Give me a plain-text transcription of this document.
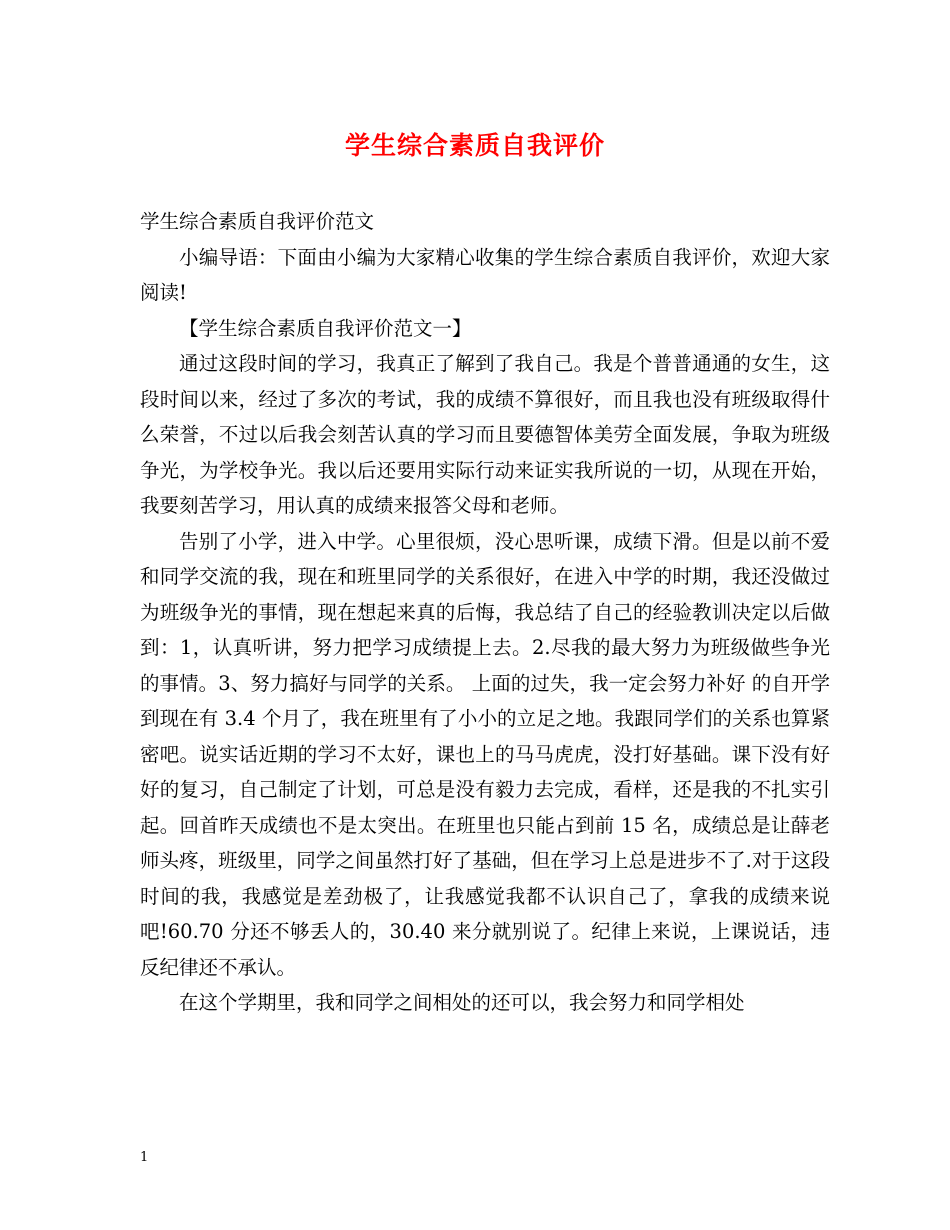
学生综合素质自我评价

学生综合素质自我评价范文

小编导语：下面由小编为大家精心收集的学生综合素质自我评价，欢迎大家阅读!

【学生综合素质自我评价范文一】

通过这段时间的学习，我真正了解到了我自己。我是个普普通通的女生，这段时间以来，经过了多次的考试，我的成绩不算很好，而且我也没有班级取得什么荣誉，不过以后我会刻苦认真的学习而且要德智体美劳全面发展，争取为班级争光，为学校争光。我以后还要用实际行动来证实我所说的一切，从现在开始，我要刻苦学习，用认真的成绩来报答父母和老师。

告别了小学，进入中学。心里很烦，没心思听课，成绩下滑。但是以前不爱和同学交流的我，现在和班里同学的关系很好，在进入中学的时期，我还没做过为班级争光的事情，现在想起来真的后悔，我总结了自己的经验教训决定以后做到：1，认真听讲，努力把学习成绩提上去。2.尽我的最大努力为班级做些争光的事情。3、努力搞好与同学的关系。 上面的过失，我一定会努力补好 的自开学到现在有 3.4 个月了，我在班里有了小小的立足之地。我跟同学们的关系也算紧密吧。说实话近期的学习不太好，课也上的马马虎虎，没打好基础。课下没有好好的复习，自己制定了计划，可总是没有毅力去完成，看样，还是我的不扎实引起。回首昨天成绩也不是太突出。在班里也只能占到前 15 名，成绩总是让薛老师头疼，班级里，同学之间虽然打好了基础，但在学习上总是进步不了.对于这段时间的我，我感觉是差劲极了，让我感觉我都不认识自己了，拿我的成绩来说吧!60.70 分还不够丢人的，30.40 来分就别说了。纪律上来说，上课说话，违反纪律还不承认。

在这个学期里，我和同学之间相处的还可以，我会努力和同学相处

1
